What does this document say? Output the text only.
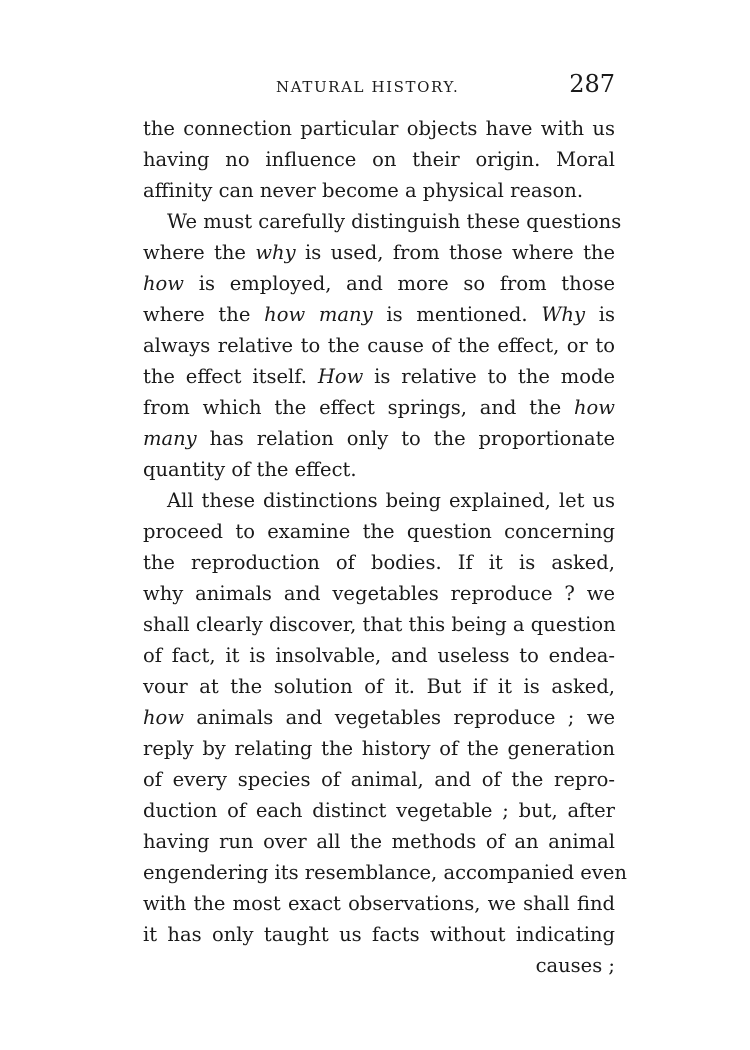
NATURAL HISTORY.	287
the connection particular objects have with us
having no influence on their origin. Moral
affinity can never become a physical reason.
We must carefully distinguish these questions
where the why is used, from those where the
how is employed, and more so from those
where the how many is mentioned. Why is
always relative to the cause of the effect, or to
the effect itself. How is relative to the mode
from which the effect springs, and the how
many has relation only to the proportionate
quantity of the effect.
All these distinctions being explained, let us
proceed to examine the question concerning
the reproduction of bodies. If it is asked,
why animals and vegetables reproduce ? we
shall clearly discover, that this being a question
of fact, it is insolvable, and useless to endea-
vour at the solution of it. But if it is asked,
how animals and vegetables reproduce ; we
reply by relating the history of the generation
of every species of animal, and of the repro-
duction of each distinct vegetable ; but, after
having run over all the methods of an animal
engendering its resemblance, accompanied even
with the most exact observations, we shall find
it has only taught us facts without indicating
causes ;
